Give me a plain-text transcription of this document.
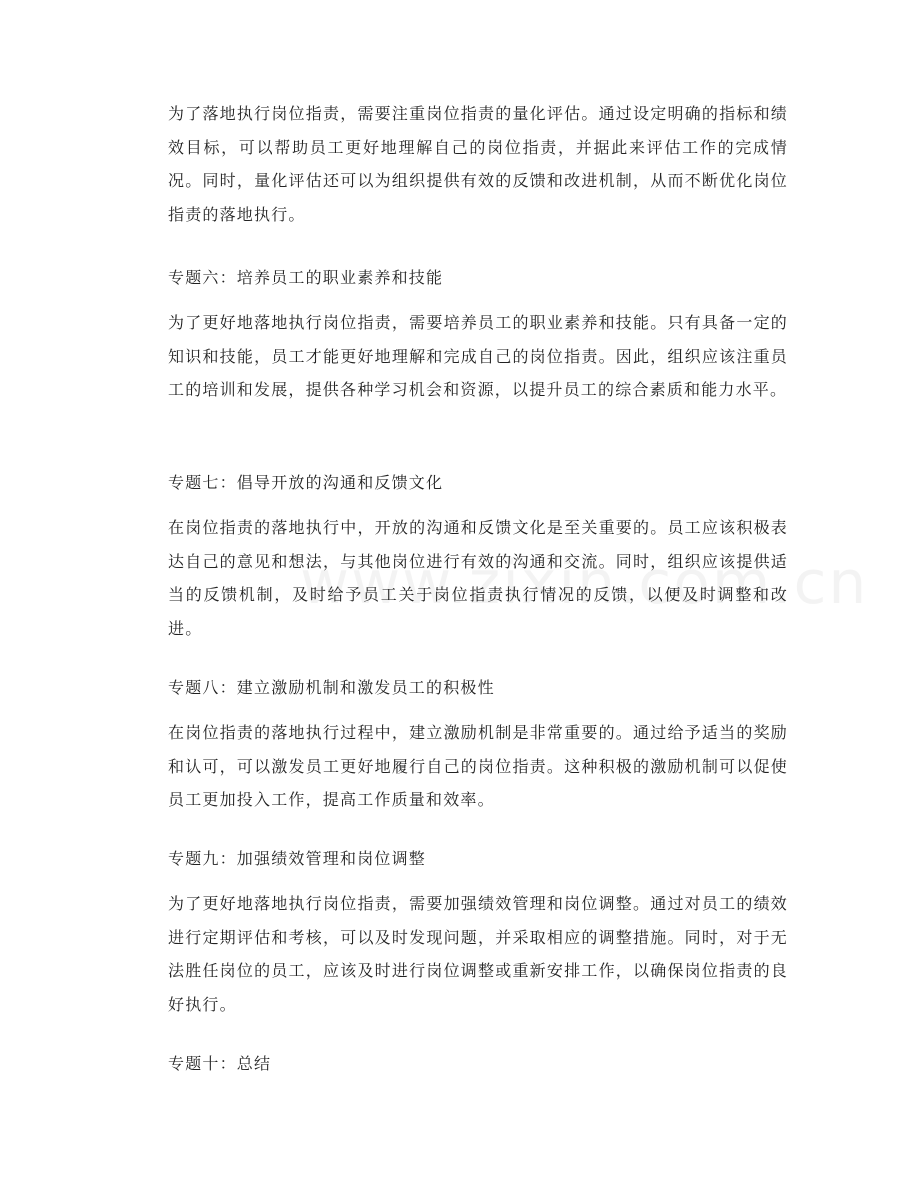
为了落地执行岗位指责，需要注重岗位指责的量化评估。通过设定明确的指标和绩效目标，可以帮助员工更好地理解自己的岗位指责，并据此来评估工作的完成情况。同时，量化评估还可以为组织提供有效的反馈和改进机制，从而不断优化岗位指责的落地执行。

专题六：培养员工的职业素养和技能

为了更好地落地执行岗位指责，需要培养员工的职业素养和技能。只有具备一定的知识和技能，员工才能更好地理解和完成自己的岗位指责。因此，组织应该注重员工的培训和发展，提供各种学习机会和资源，以提升员工的综合素质和能力水平。

专题七：倡导开放的沟通和反馈文化

在岗位指责的落地执行中，开放的沟通和反馈文化是至关重要的。员工应该积极表达自己的意见和想法，与其他岗位进行有效的沟通和交流。同时，组织应该提供适当的反馈机制，及时给予员工关于岗位指责执行情况的反馈，以便及时调整和改进。

专题八：建立激励机制和激发员工的积极性

在岗位指责的落地执行过程中，建立激励机制是非常重要的。通过给予适当的奖励和认可，可以激发员工更好地履行自己的岗位指责。这种积极的激励机制可以促使员工更加投入工作，提高工作质量和效率。

专题九：加强绩效管理和岗位调整

为了更好地落地执行岗位指责，需要加强绩效管理和岗位调整。通过对员工的绩效进行定期评估和考核，可以及时发现问题，并采取相应的调整措施。同时，对于无法胜任岗位的员工，应该及时进行岗位调整或重新安排工作，以确保岗位指责的良好执行。

专题十：总结
